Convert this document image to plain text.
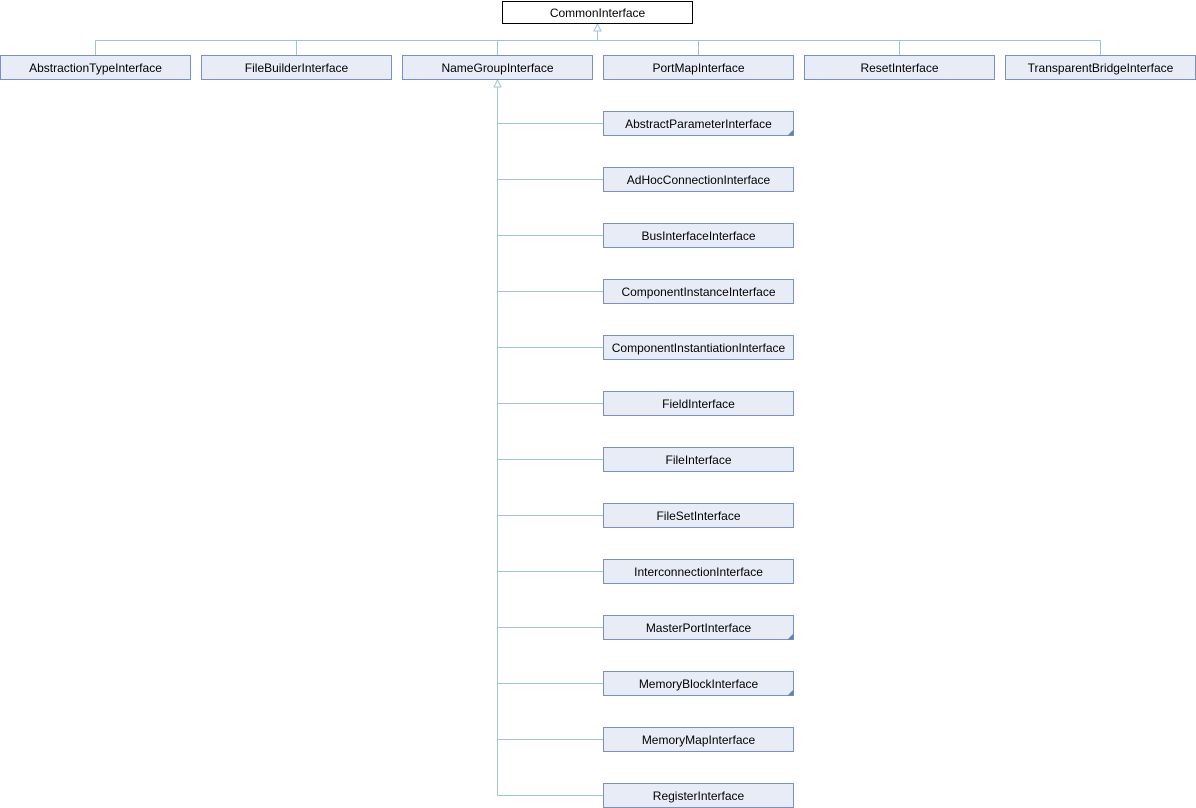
CommonInterface
AbstractionTypeInterface	FileBuilderInterface	NameGroupInterface	PortMapInterface	ResetInterface	TransparentBridgeInterface
AbstractParameterInterface
AdHocConnectionInterface
BusInterfaceInterface
ComponentInstanceInterface
ComponentInstantiationInterface
FieldInterface
FileInterface
FileSetInterface
InterconnectionInterface
MasterPortInterface
MemoryBlockInterface
MemoryMapInterface
RegisterInterface
